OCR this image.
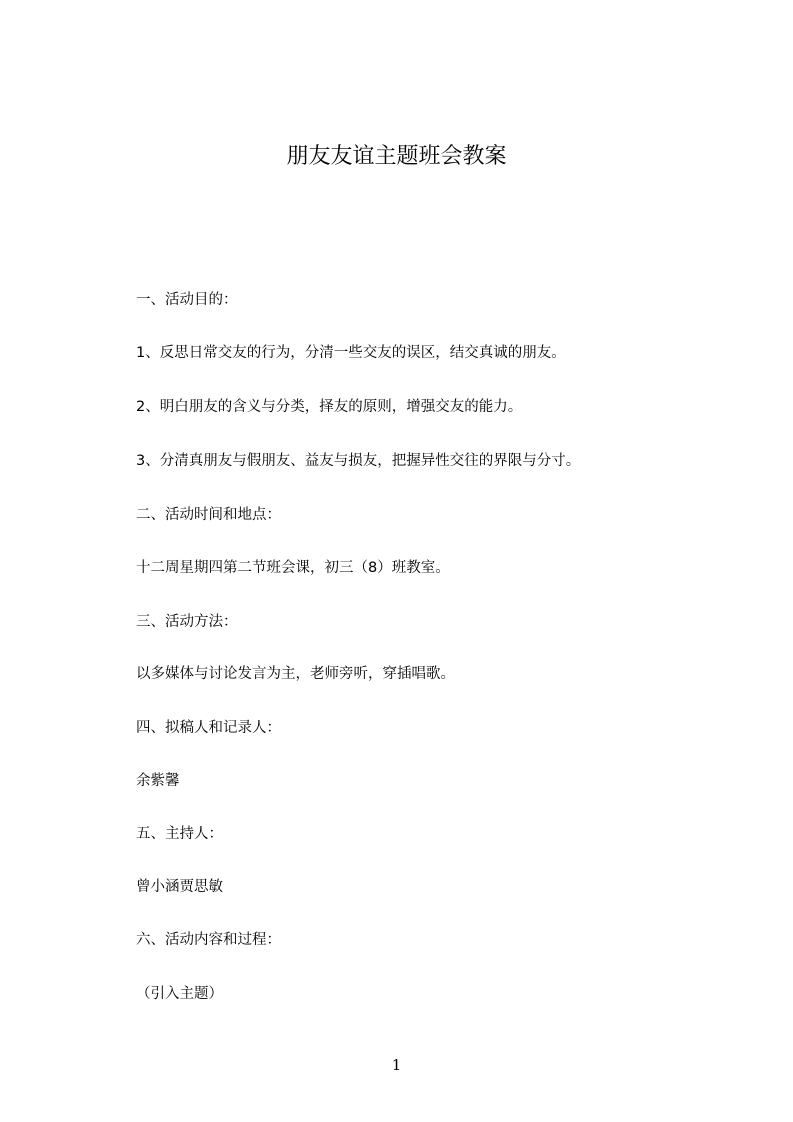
朋友友谊主题班会教案

一、活动目的：

1、反思日常交友的行为，分清一些交友的误区，结交真诚的朋友。

2、明白朋友的含义与分类，择友的原则，增强交友的能力。

3、分清真朋友与假朋友、益友与损友，把握异性交往的界限与分寸。

二、活动时间和地点：

十二周星期四第二节班会课，初三（8）班教室。

三、活动方法：

以多媒体与讨论发言为主，老师旁听，穿插唱歌。

四、拟稿人和记录人：

余紫馨

五、主持人：

曾小涵贾思敏

六、活动内容和过程：

（引入主题）

1
